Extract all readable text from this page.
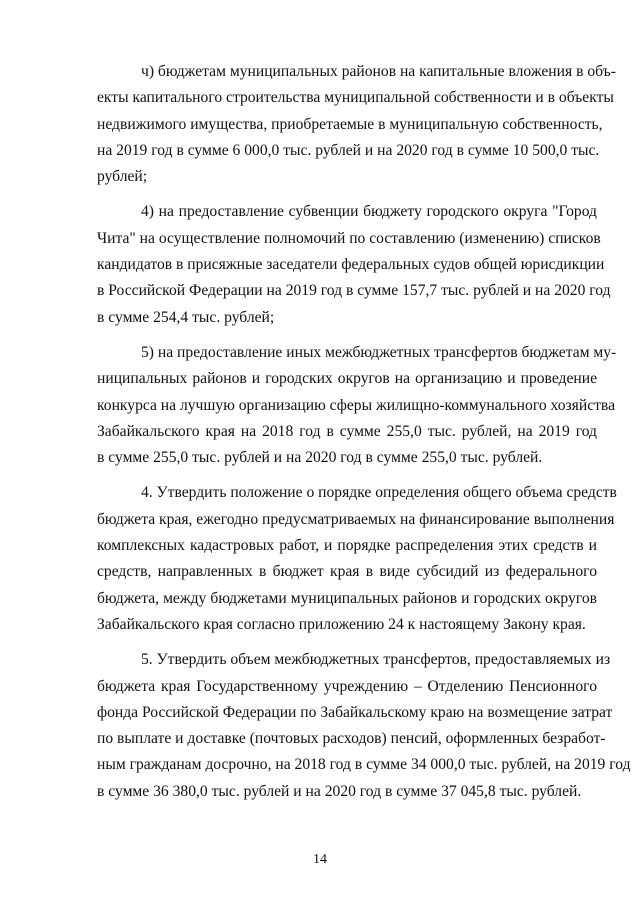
ч) бюджетам муниципальных районов на капитальные вложения в объ-
екты капитального строительства муниципальной собственности и в объекты
недвижимого имущества, приобретаемые в муниципальную собственность,
на 2019 год в сумме 6 000,0 тыс. рублей и на 2020 год в сумме 10 500,0 тыс.
рублей;
4) на предоставление субвенции бюджету городского округа "Город
Чита" на осуществление полномочий по составлению (изменению) списков
кандидатов в присяжные заседатели федеральных судов общей юрисдикции
в Российской Федерации на 2019 год в сумме 157,7 тыс. рублей и на 2020 год
в сумме 254,4 тыс. рублей;
5) на предоставление иных межбюджетных трансфертов бюджетам му-
ниципальных районов и городских округов на организацию и проведение
конкурса на лучшую организацию сферы жилищно-коммунального хозяйства
Забайкальского края на 2018 год в сумме 255,0 тыс. рублей, на 2019 год
в сумме 255,0 тыс. рублей и на 2020 год в сумме 255,0 тыс. рублей.
4. Утвердить положение о порядке определения общего объема средств
бюджета края, ежегодно предусматриваемых на финансирование выполнения
комплексных кадастровых работ, и порядке распределения этих средств и
средств, направленных в бюджет края в виде субсидий из федерального
бюджета, между бюджетами муниципальных районов и городских округов
Забайкальского края согласно приложению 24 к настоящему Закону края.
5. Утвердить объем межбюджетных трансфертов, предоставляемых из
бюджета края Государственному учреждению – Отделению Пенсионного
фонда Российской Федерации по Забайкальскому краю на возмещение затрат
по выплате и доставке (почтовых расходов) пенсий, оформленных безработ-
ным гражданам досрочно, на 2018 год в сумме 34 000,0 тыс. рублей, на 2019 год
в сумме 36 380,0 тыс. рублей и на 2020 год в сумме 37 045,8 тыс. рублей.
14
